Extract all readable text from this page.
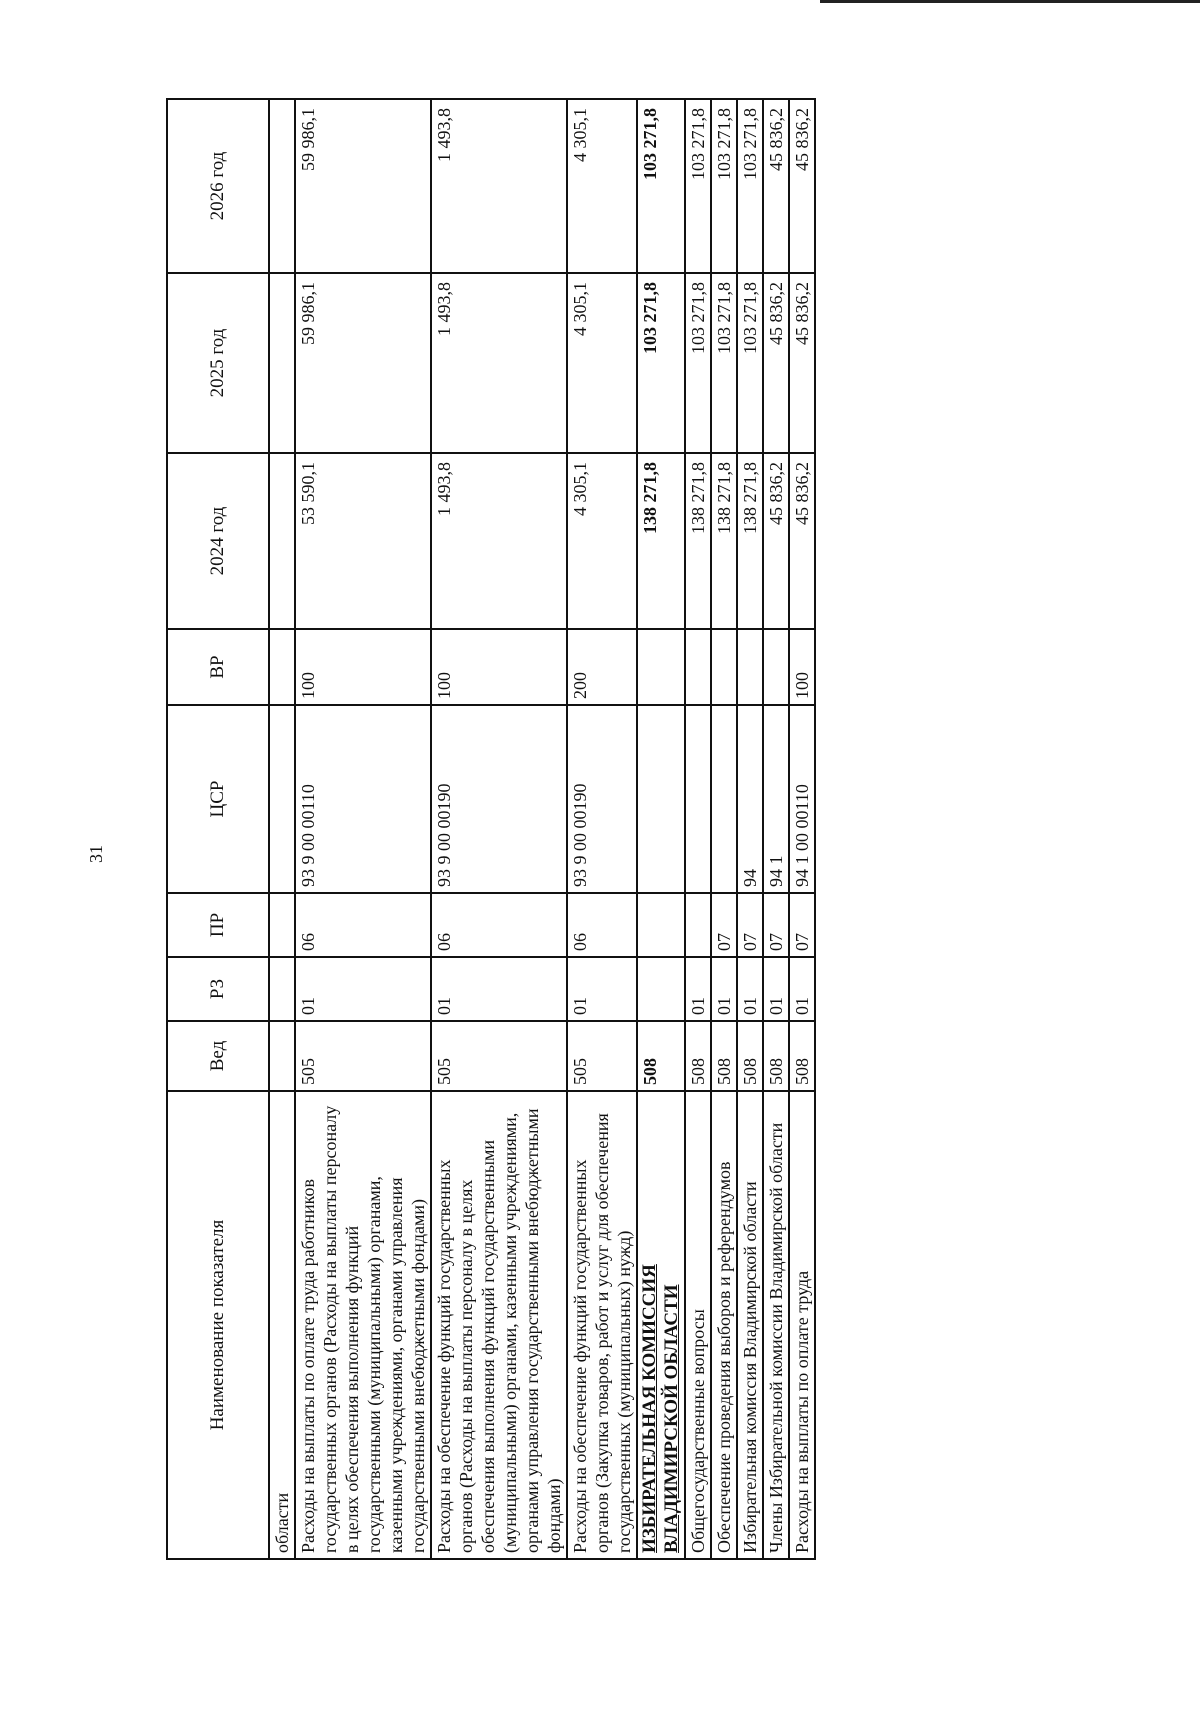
31
Наименование показателя	Вед	РЗ	ПР	ЦСР	ВР	2024 год	2025 год	2026 год
области								
Расходы на выплаты по оплате труда работников государственных органов (Расходы на выплаты персоналу в целях обеспечения выполнения функций государственными (муниципальными) органами, казенными учреждениями, органами управления государственными внебюджетными фондами)	505	01	06	93 9 00 00110	100	53 590,1	59 986,1	59 986,1
Расходы на обеспечение функций государственных органов (Расходы на выплаты персоналу в целях обеспечения выполнения функций государственными (муниципальными) органами, казенными учреждениями, органами управления государственными внебюджетными фондами)	505	01	06	93 9 00 00190	100	1 493,8	1 493,8	1 493,8
Расходы на обеспечение функций государственных органов (Закупка товаров, работ и услуг для обеспечения государственных (муниципальных) нужд)	505	01	06	93 9 00 00190	200	4 305,1	4 305,1	4 305,1
ИЗБИРАТЕЛЬНАЯ КОМИССИЯ ВЛАДИМИРСКОЙ ОБЛАСТИ	508					138 271,8	103 271,8	103 271,8
Общегосударственные вопросы	508	01				138 271,8	103 271,8	103 271,8
Обеспечение проведения выборов и референдумов	508	01	07			138 271,8	103 271,8	103 271,8
Избирательная комиссия Владимирской области	508	01	07	94		138 271,8	103 271,8	103 271,8
Члены Избирательной комиссии Владимирской области	508	01	07	94 1		45 836,2	45 836,2	45 836,2
Расходы на выплаты по оплате труда	508	01	07	94 1 00 00110	100	45 836,2	45 836,2	45 836,2
